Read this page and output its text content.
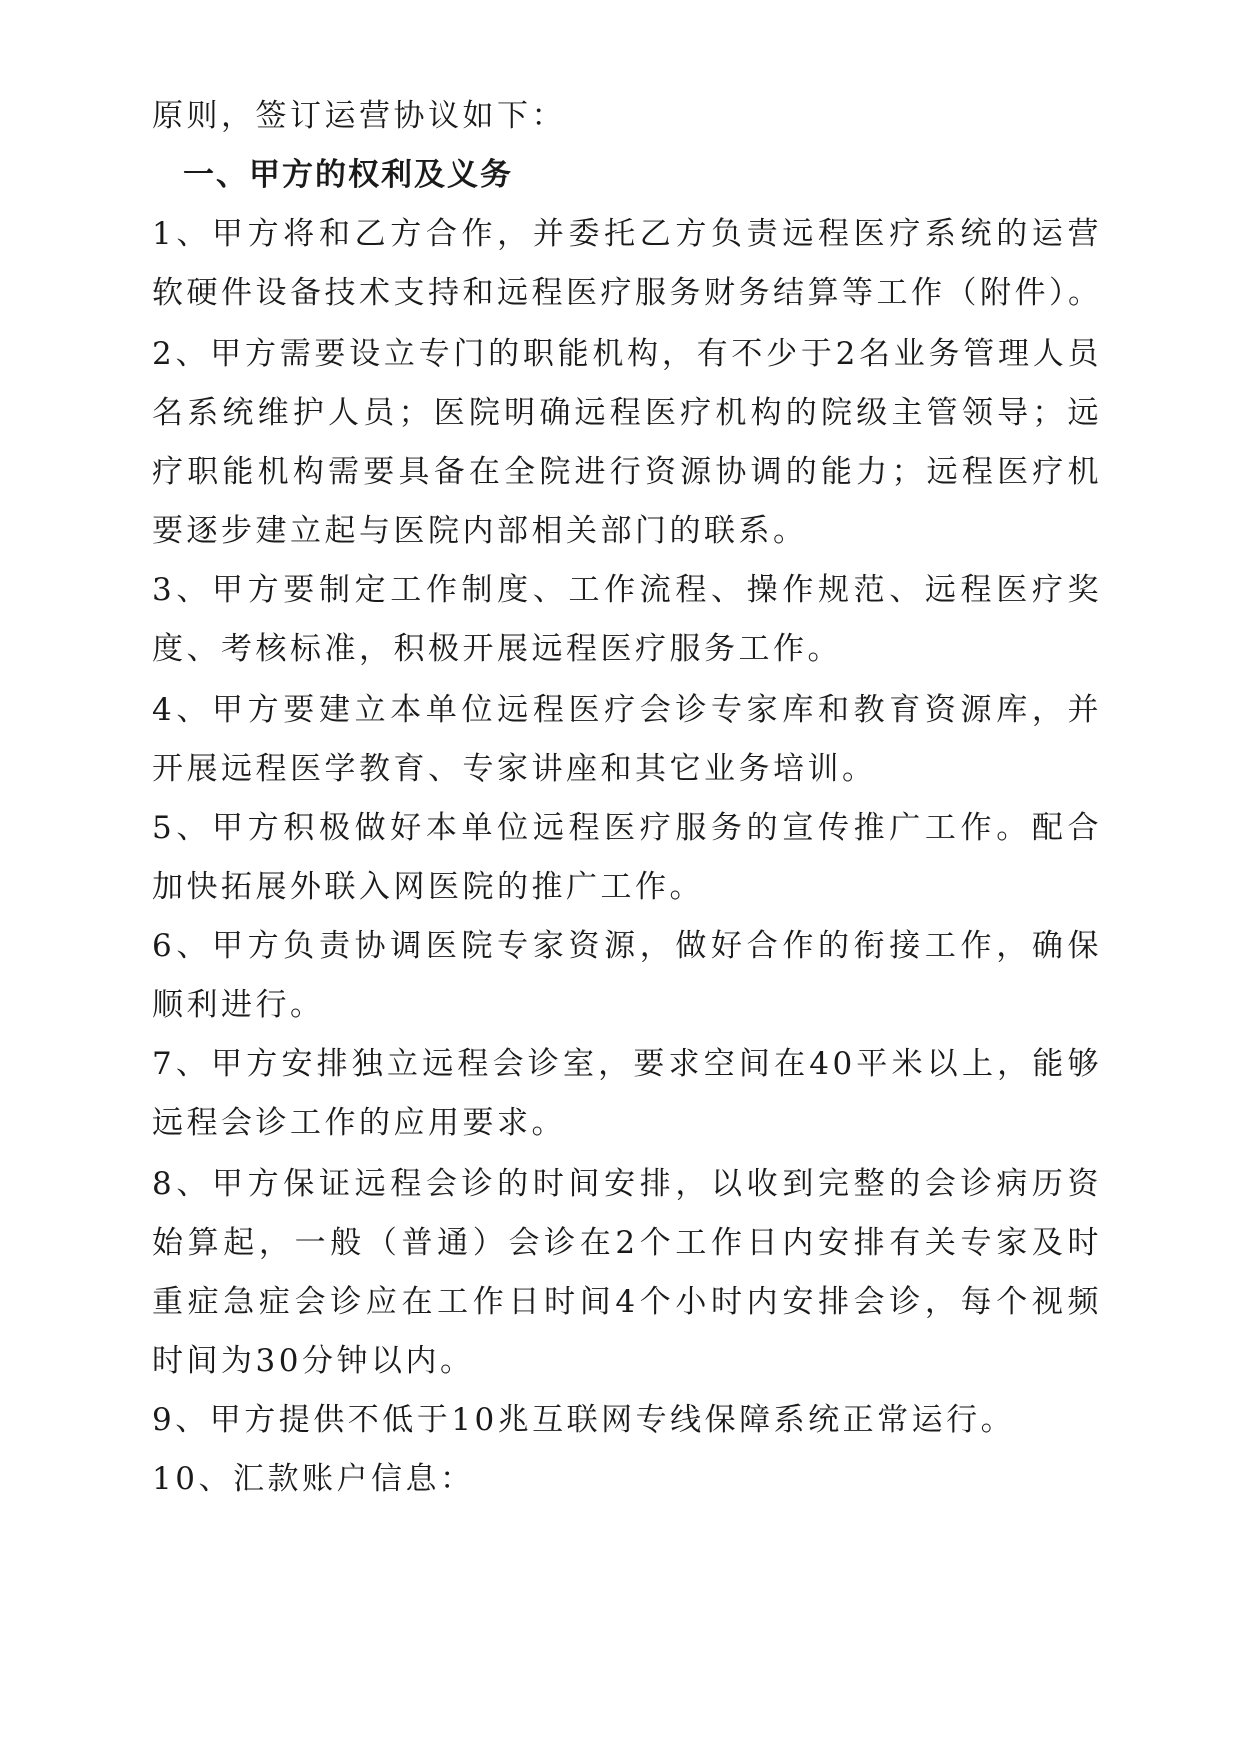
原则，签订运营协议如下：
一、甲方的权利及义务
1、甲方将和乙方合作，并委托乙方负责远程医疗系统的运营
软硬件设备技术支持和远程医疗服务财务结算等工作（附件）。
2、甲方需要设立专门的职能机构，有不少于2名业务管理人员
名系统维护人员；医院明确远程医疗机构的院级主管领导；远
疗职能机构需要具备在全院进行资源协调的能力；远程医疗机
要逐步建立起与医院内部相关部门的联系。
3、甲方要制定工作制度、工作流程、操作规范、远程医疗奖
度、考核标准，积极开展远程医疗服务工作。
4、甲方要建立本单位远程医疗会诊专家库和教育资源库，并
开展远程医学教育、专家讲座和其它业务培训。
5、甲方积极做好本单位远程医疗服务的宣传推广工作。配合
加快拓展外联入网医院的推广工作。
6、甲方负责协调医院专家资源，做好合作的衔接工作，确保
顺利进行。
7、甲方安排独立远程会诊室，要求空间在40平米以上，能够
远程会诊工作的应用要求。
8、甲方保证远程会诊的时间安排，以收到完整的会诊病历资
始算起，一般（普通）会诊在2个工作日内安排有关专家及时
重症急症会诊应在工作日时间4个小时内安排会诊，每个视频
时间为30分钟以内。
9、甲方提供不低于10兆互联网专线保障系统正常运行。
10、汇款账户信息：
